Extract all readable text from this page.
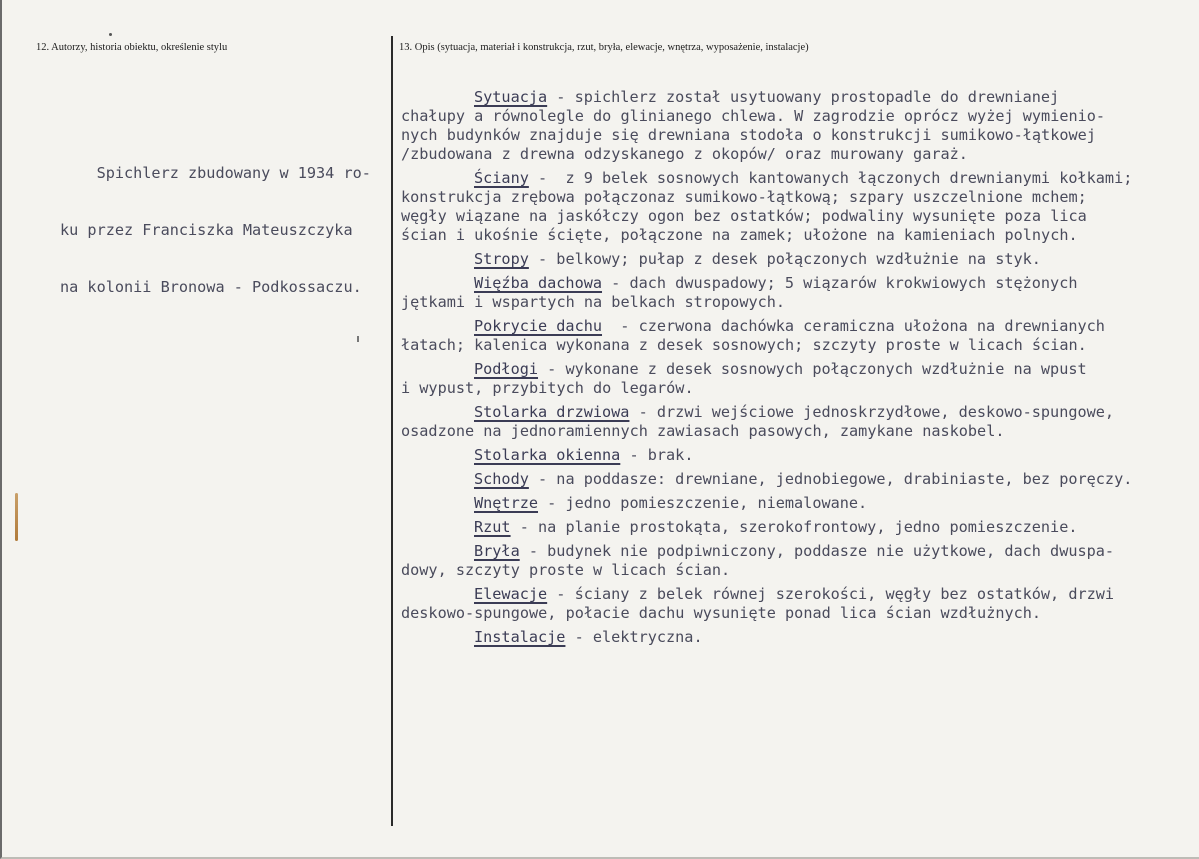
12. Autorzy, historia obiektu, określenie stylu	13. Opis (sytuacja, materiał i konstrukcja, rzut, bryła, elewacje, wnętrza, wyposażenie, instalacje)

Spichlerz zbudowany w 1934 ro-

ku przez Franciszka Mateuszczyka

na kolonii Bronowa - Podkossaczu.

Sytuacja - spichlerz został usytuowany prostopadle do drewnianej
chałupy a równolegle do glinianego chlewa. W zagrodzie oprócz wyżej wymienio-
nych budynków znajduje się drewniana stodoła o konstrukcji sumikowo-łątkowej
/zbudowana z drewna odzyskanego z okopów/ oraz murowany garaż.
Ściany -  z 9 belek sosnowych kantowanych łączonych drewnianymi kołkami;
konstrukcja zrębowa połączonaz sumikowo-łątkową; szpary uszczelnione mchem;
węgły wiązane na jaskółczy ogon bez ostatków; podwaliny wysunięte poza lica
ścian i ukośnie ścięte, połączone na zamek; ułożone na kamieniach polnych.
Stropy - belkowy; pułap z desek połączonych wzdłużnie na styk.
Więźba dachowa - dach dwuspadowy; 5 wiązarów krokwiowych stężonych
jętkami i wspartych na belkach stropowych.
Pokrycie dachu  - czerwona dachówka ceramiczna ułożona na drewnianych
łatach; kalenica wykonana z desek sosnowych; szczyty proste w licach ścian.
Podłogi - wykonane z desek sosnowych połączonych wzdłużnie na wpust
i wypust, przybitych do legarów.
Stolarka drzwiowa - drzwi wejściowe jednoskrzydłowe, deskowo-spungowe,
osadzone na jednoramiennych zawiasach pasowych, zamykane naskobel.
Stolarka okienna - brak.
Schody - na poddasze: drewniane, jednobiegowe, drabiniaste, bez poręczy.
Wnętrze - jedno pomieszczenie, niemalowane.
Rzut - na planie prostokąta, szerokofrontowy, jedno pomieszczenie.
Bryła - budynek nie podpiwniczony, poddasze nie użytkowe, dach dwuspa-
dowy, szczyty proste w licach ścian.
Elewacje - ściany z belek równej szerokości, węgły bez ostatków, drzwi
deskowo-spungowe, połacie dachu wysunięte ponad lica ścian wzdłużnych.
Instalacje - elektryczna.
